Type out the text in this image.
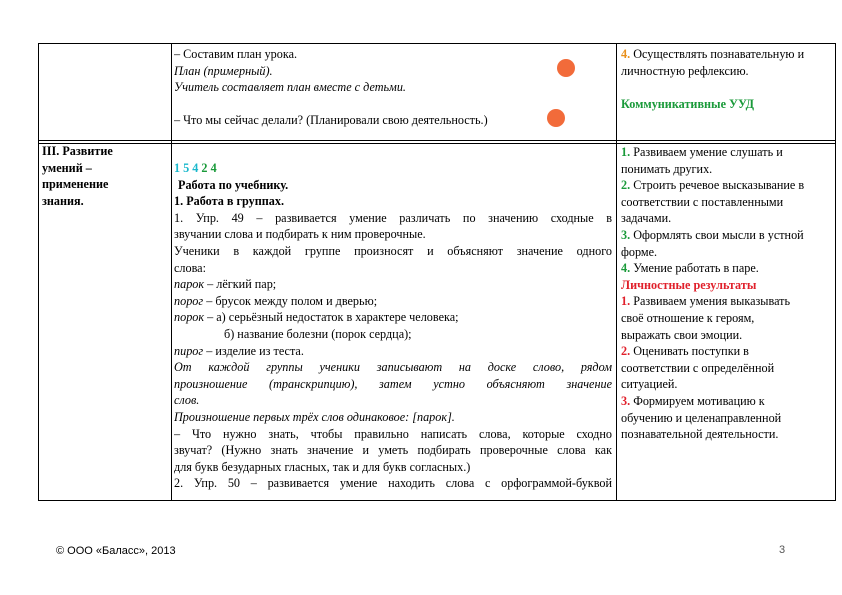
– Составим план урока.
План (примерный).
Учитель составляет план вместе с детьми.
– Что мы сейчас делали? (Планировали свою деятельность.)
4. Осуществлять познавательную и
личностную рефлексию.
Коммуникативные УУД
III. Развитие
умений –
применение
знания.
1 5 4 2 4
Работа по учебнику.
1. Работа в группах.
1. Упр. 49 – развивается умение различать по значению сходные в
звучании слова и подбирать к ним проверочные.
Ученики в каждой группе произносят и объясняют значение одного
слова:
парок – лёгкий пар;
порог – брусок между полом и дверью;
порок – а) серьёзный недостаток в характере человека;
б) название болезни (порок сердца);
пирог – изделие из теста.
От каждой группы ученики записывают на доске слово, рядом
произношение (транскрипцию), затем устно объясняют значение
слов.
Произношение первых трёх слов одинаковое: [парок].
– Что нужно знать, чтобы правильно написать слова, которые сходно
звучат? (Нужно знать значение и уметь подбирать проверочные слова как
для букв безударных гласных, так и для букв согласных.)
2. Упр. 50 – развивается умение находить слова с орфограммой-буквой
1. Развиваем умение слушать и
понимать других.
2. Строить речевое высказывание в
соответствии с поставленными
задачами.
3. Оформлять свои мысли в устной
форме.
4. Умение работать в паре.
Личностные результаты
1. Развиваем умения выказывать
своё отношение к героям,
выражать свои эмоции.
2. Оценивать поступки в
соответствии с определённой
ситуацией.
3. Формируем мотивацию к
обучению и целенаправленной
познавательной деятельности.
© ООО «Баласс», 2013	3
